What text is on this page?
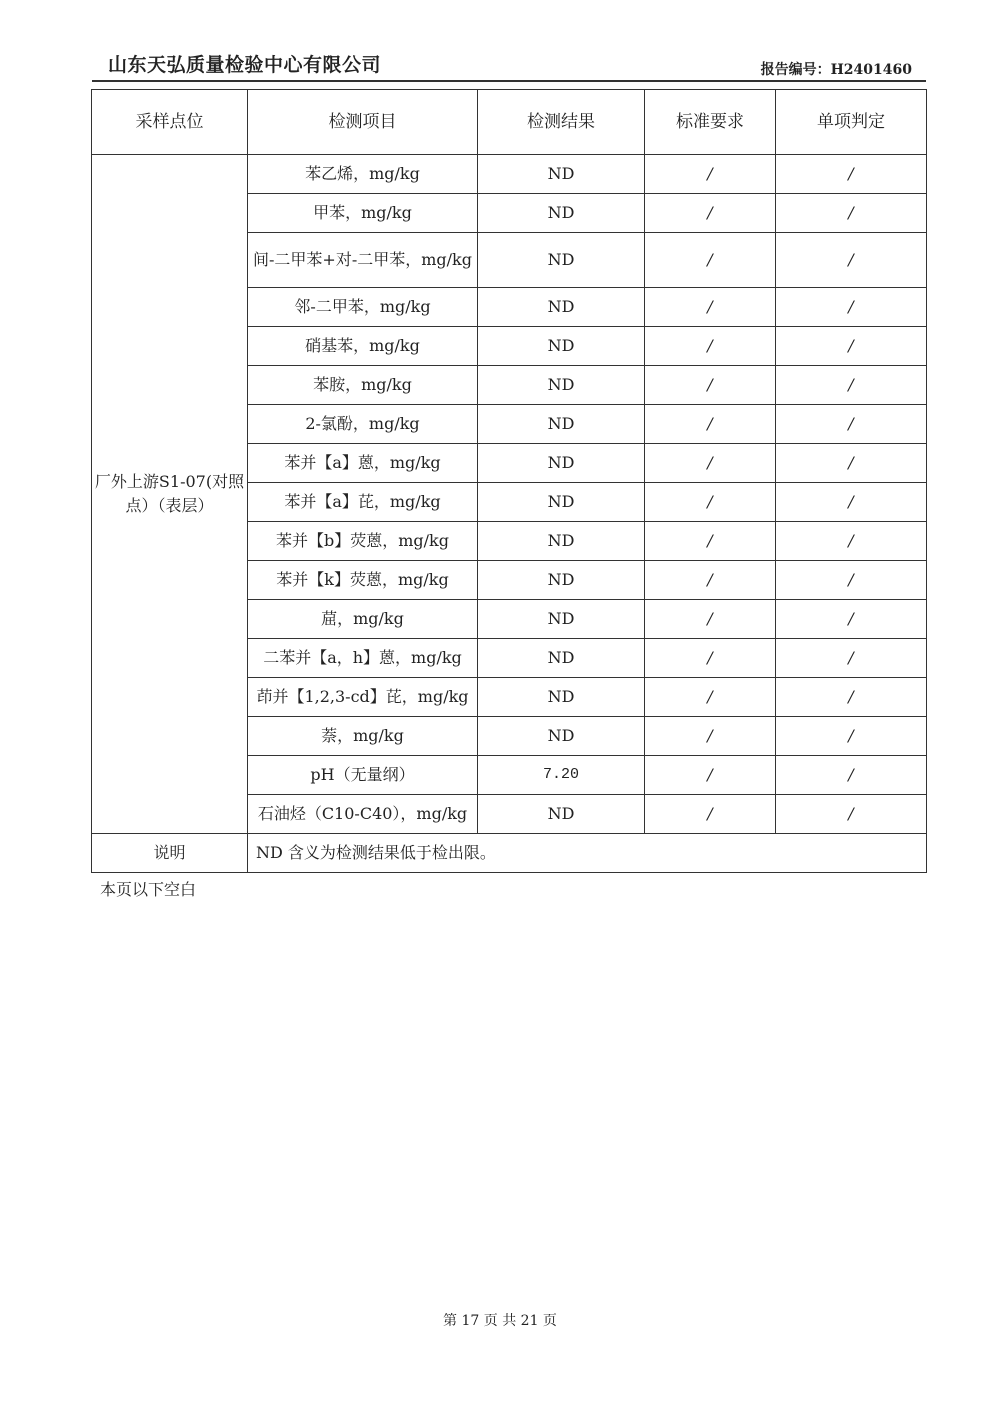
山东天弘质量检验中心有限公司	报告编号：H2401460
采样点位	检测项目	检测结果	标准要求	单项判定
厂外上游S1-07(对照点）（表层）	苯乙烯，mg/kg	ND	/	/
	甲苯，mg/kg	ND	/	/
	间-二甲苯+对-二甲苯，mg/kg	ND	/	/
	邻-二甲苯，mg/kg	ND	/	/
	硝基苯，mg/kg	ND	/	/
	苯胺，mg/kg	ND	/	/
	2-氯酚，mg/kg	ND	/	/
	苯并【a】蒽，mg/kg	ND	/	/
	苯并【a】芘，mg/kg	ND	/	/
	苯并【b】荧蒽，mg/kg	ND	/	/
	苯并【k】荧蒽，mg/kg	ND	/	/
	䓛，mg/kg	ND	/	/
	二苯并【a，h】蒽，mg/kg	ND	/	/
	茚并【1,2,3-cd】芘，mg/kg	ND	/	/
	萘，mg/kg	ND	/	/
	pH（无量纲）	7.20	/	/
	石油烃（C10-C40），mg/kg	ND	/	/
说明	ND 含义为检测结果低于检出限。			
本页以下空白
第 17 页 共 21 页
